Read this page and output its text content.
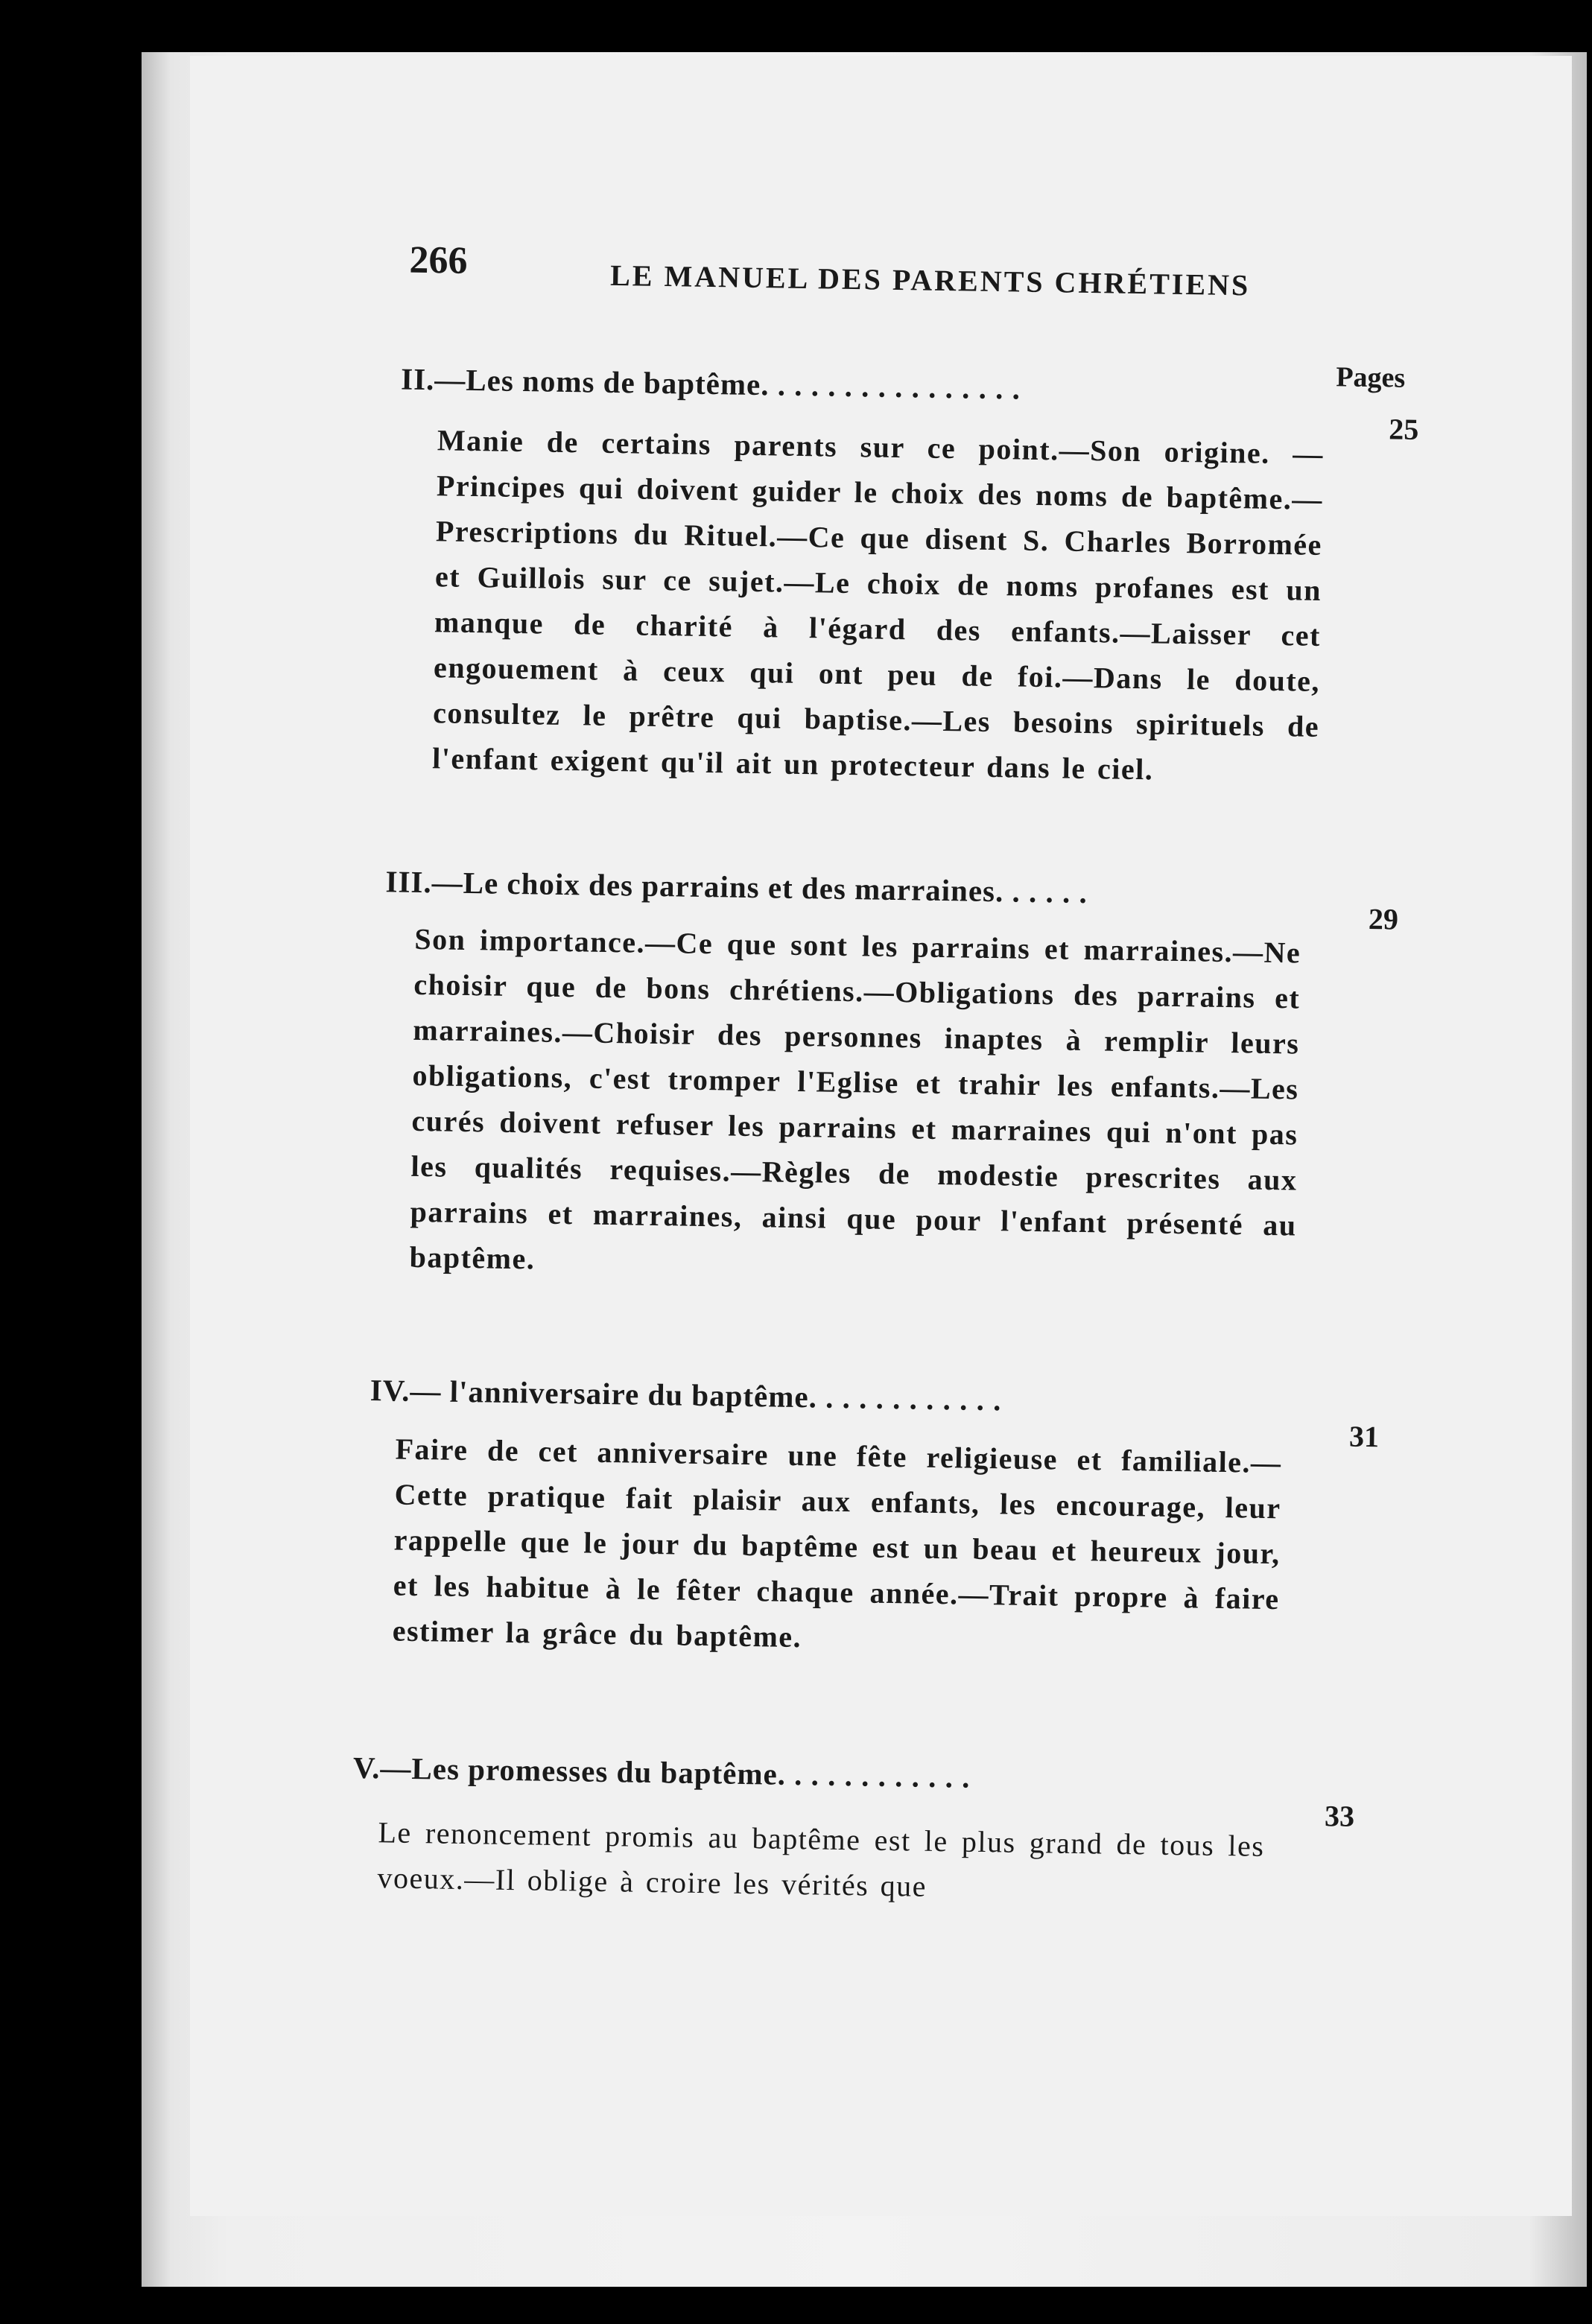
266	LE MANUEL DES PARENTS CHRÉTIENS
Pages
II.—Les noms de baptême. . . . . . . . . . . . . . . .
25
Manie de certains parents sur ce point.—Son origine. —Principes qui doivent guider le choix des noms de baptême.—Prescriptions du Rituel.—Ce que disent S. Charles Borromée et Guillois sur ce sujet.—Le choix de noms profanes est un manque de charité à l'égard des enfants.—Laisser cet engouement à ceux qui ont peu de foi.—Dans le doute, consultez le prêtre qui baptise.—Les besoins spirituels de l'enfant exigent qu'il ait un protecteur dans le ciel.
III.—Le choix des parrains et des marraines. . . . . .
29
Son importance.—Ce que sont les parrains et marraines.—Ne choisir que de bons chrétiens.—Obligations des parrains et marraines.—Choisir des personnes inaptes à remplir leurs obligations, c'est tromper l'Eglise et trahir les enfants.—Les curés doivent refuser les parrains et marraines qui n'ont pas les qualités requises.—Règles de modestie prescrites aux parrains et marraines, ainsi que pour l'enfant présenté au baptême.
IV.— l'anniversaire du baptême. . . . . . . . . . . .
31
Faire de cet anniversaire une fête religieuse et familiale.—Cette pratique fait plaisir aux enfants, les encourage, leur rappelle que le jour du baptême est un beau et heureux jour, et les habitue à le fêter chaque année.—Trait propre à faire estimer la grâce du baptême.
V.—Les promesses du baptême. . . . . . . . . . . .
33
Le renoncement promis au baptême est le plus grand de tous les voeux.—Il oblige à croire les vérités que
